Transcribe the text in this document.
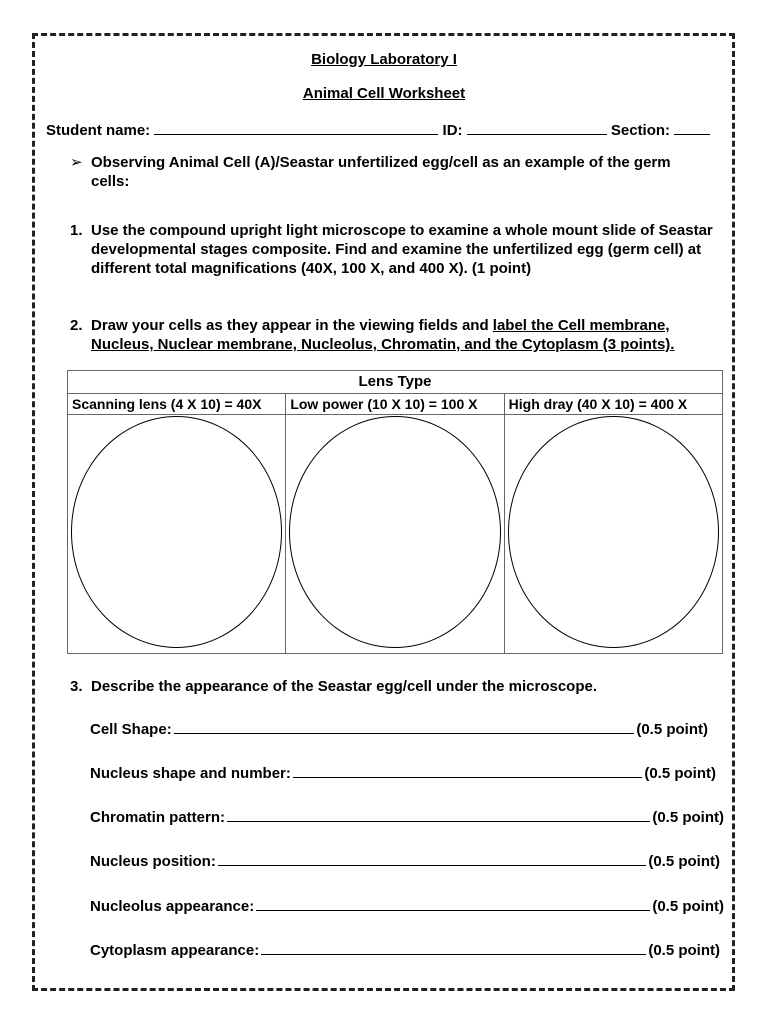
Biology Laboratory I
Animal Cell Worksheet
Student name:	ID:	Section:
➢ Observing Animal Cell (A)/Seastar unfertilized egg/cell as an example of the germ cells:
1. Use the compound upright light microscope to examine a whole mount slide of Seastar developmental stages composite. Find and examine the unfertilized egg (germ cell) at different total magnifications (40X, 100 X, and 400 X). (1 point)
2. Draw your cells as they appear in the viewing fields and label the Cell membrane, Nucleus, Nuclear membrane, Nucleolus, Chromatin, and the Cytoplasm (3 points).
Lens Type
Scanning lens (4 X 10) = 40X	Low power (10 X 10) = 100 X	High dray (40 X 10) = 400 X
3. Describe the appearance of the Seastar egg/cell under the microscope.
Cell Shape:	(0.5 point)
Nucleus shape and number:	(0.5 point)
Chromatin pattern:	(0.5 point)
Nucleus position:	(0.5 point)
Nucleolus appearance:	(0.5 point)
Cytoplasm appearance:	(0.5 point)
